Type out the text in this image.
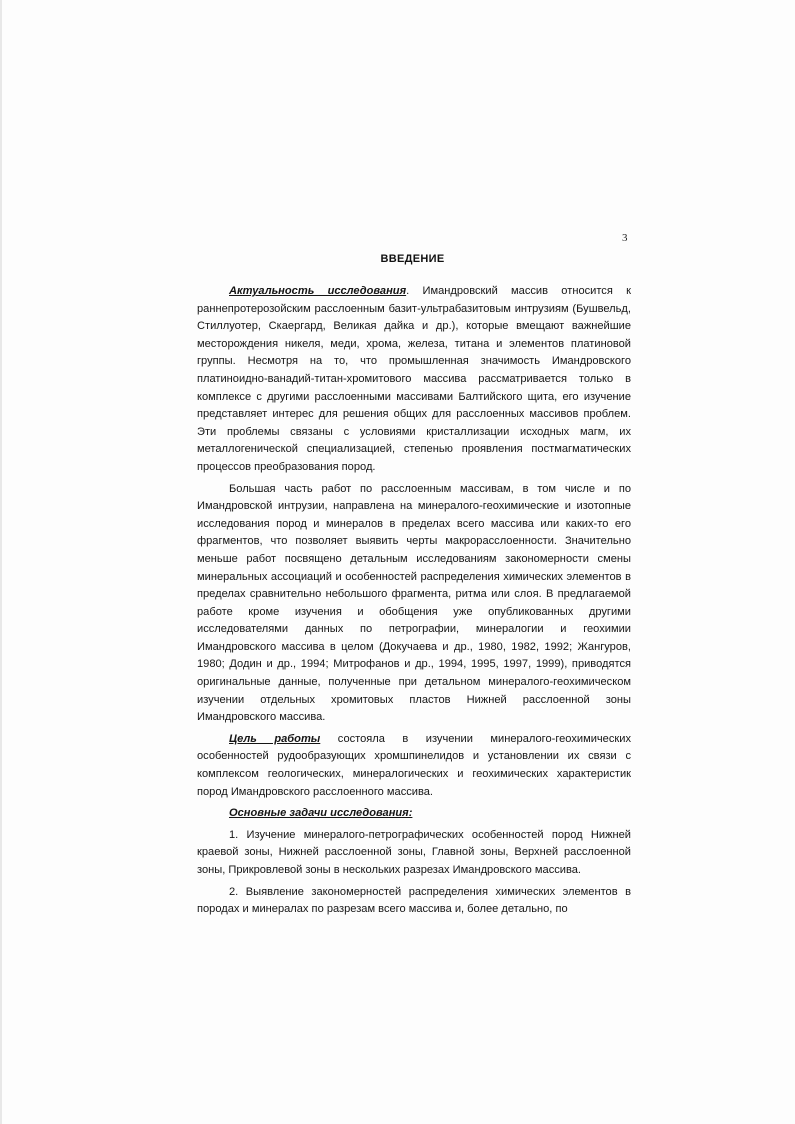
3
ВВЕДЕНИЕ

Актуальность исследования. Имандровский массив относится к раннепротерозойским расслоенным базит-ультрабазитовым интрузиям (Бушвельд, Стиллуотер, Скаергард, Великая дайка и др.), которые вмещают важнейшие месторождения никеля, меди, хрома, железа, титана и элементов платиновой группы. Несмотря на то, что промышленная значимость Имандровского платиноидно-ванадий-титан-хромитового массива рассматривается только в комплексе с другими расслоенными массивами Балтийского щита, его изучение представляет интерес для решения общих для расслоенных массивов проблем. Эти проблемы связаны с условиями кристаллизации исходных магм, их металлогенической специализацией, степенью проявления постмагматических процессов преобразования пород.

Большая часть работ по расслоенным массивам, в том числе и по Имандровской интрузии, направлена на минералого-геохимические и изотопные исследования пород и минералов в пределах всего массива или каких-то его фрагментов, что позволяет выявить черты макрорасслоенности. Значительно меньше работ посвящено детальным исследованиям закономерности смены минеральных ассоциаций и особенностей распределения химических элементов в пределах сравнительно небольшого фрагмента, ритма или слоя. В предлагаемой работе кроме изучения и обобщения уже опубликованных другими исследователями данных по петрографии, минералогии и геохимии Имандровского массива в целом (Докучаева и др., 1980, 1982, 1992; Жангуров, 1980; Додин и др., 1994; Митрофанов и др., 1994, 1995, 1997, 1999), приводятся оригинальные данные, полученные при детальном минералого-геохимическом изучении отдельных хромитовых пластов Нижней расслоенной зоны Имандровского массива.

Цель работы состояла в изучении минералого-геохимических особенностей рудообразующих хромшпинелидов и установлении их связи с комплексом геологических, минералогических и геохимических характеристик пород Имандровского расслоенного массива.

Основные задачи исследования:

1. Изучение минералого-петрографических особенностей пород Нижней краевой зоны, Нижней расслоенной зоны, Главной зоны, Верхней расслоенной зоны, Прикровлевой зоны в нескольких разрезах Имандровского массива.

2. Выявление закономерностей распределения химических элементов в породах и минералах по разрезам всего массива и, более детально, по
